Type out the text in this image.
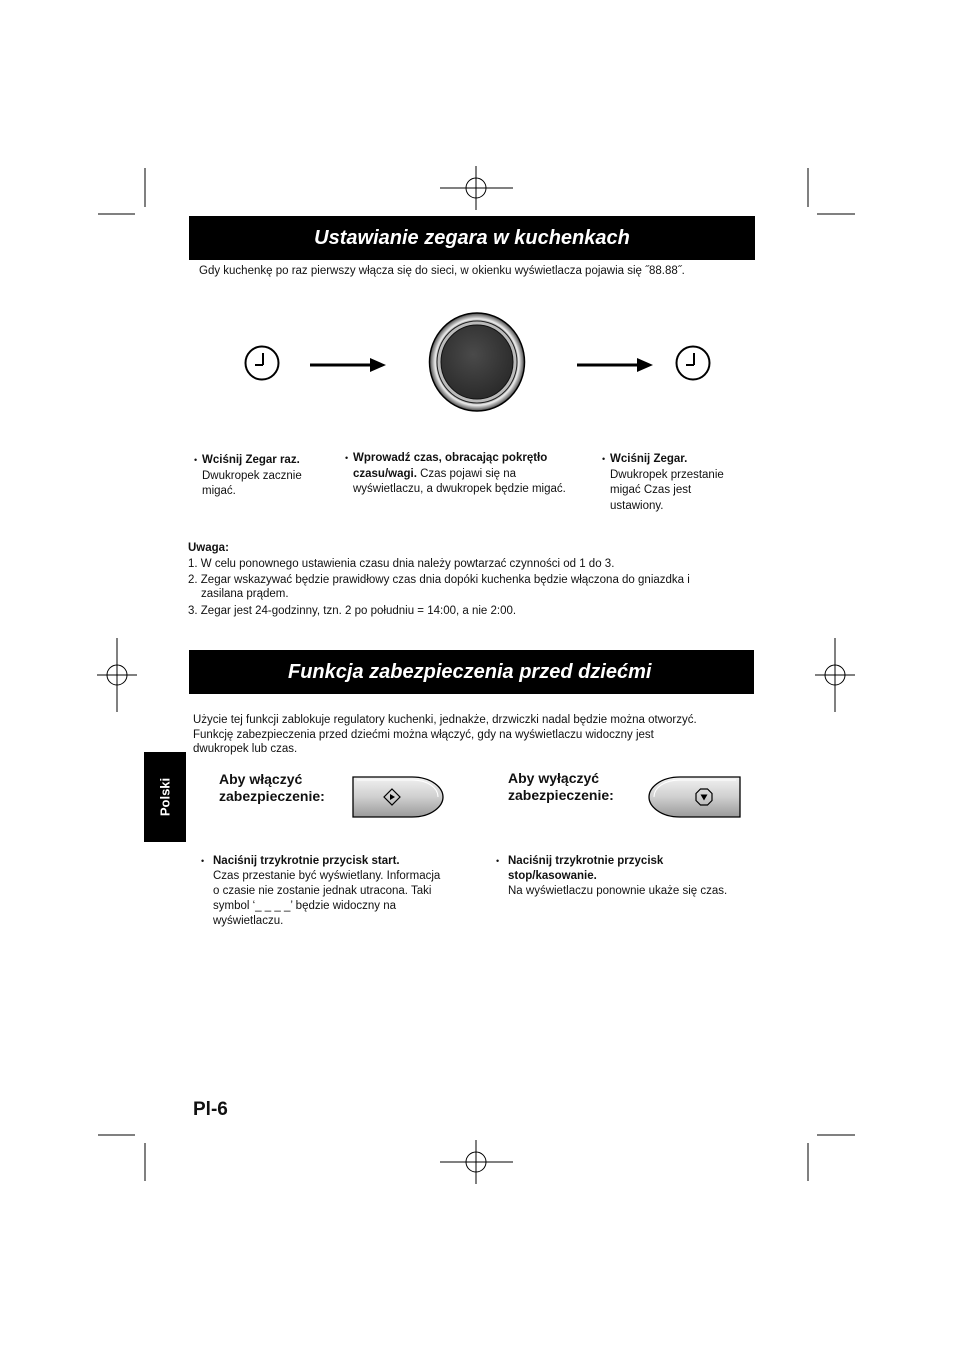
Ustawianie zegara w kuchenkach
Gdy kuchenkę po raz pierwszy włącza się do sieci, w okienku wyświetlacza pojawia się ˝88.88˝.
• Wciśnij Zegar raz.
Dwukropek zacznie migać.
• Wprowadź czas, obracając pokrętło czasu/wagi. Czas pojawi się na wyświetlaczu, a dwukropek będzie migać.
• Wciśnij Zegar.
Dwukropek przestanie migać Czas jest ustawiony.
Uwaga:
1. W celu ponownego ustawienia czasu dnia należy powtarzać czynności od 1 do 3.
2. Zegar wskazywać będzie prawidłowy czas dnia dopóki kuchenka będzie włączona do gniazdka i
zasilana prądem.
3. Zegar jest 24-godzinny, tzn. 2 po południu = 14:00, a nie 2:00.
Funkcja zabezpieczenia przed dziećmi
Użycie tej funkcji zablokuje regulatory kuchenki, jednakże, drzwiczki nadal będzie można otworzyć.
Funkcję zabezpieczenia przed dziećmi można włączyć, gdy na wyświetlaczu widoczny jest
dwukropek lub czas.
Polski	Aby włączyć
zabezpieczenie:
Aby wyłączyć
zabezpieczenie:
• Naciśnij trzykrotnie przycisk start.
Czas przestanie być wyświetlany. Informacja
o czasie nie zostanie jednak utracona. Taki
symbol ‘_ _ _ _’ będzie widoczny na
wyświetlaczu.
• Naciśnij trzykrotnie przycisk
stop/kasowanie.
Na wyświetlaczu ponownie ukaże się czas.
Pl-6
